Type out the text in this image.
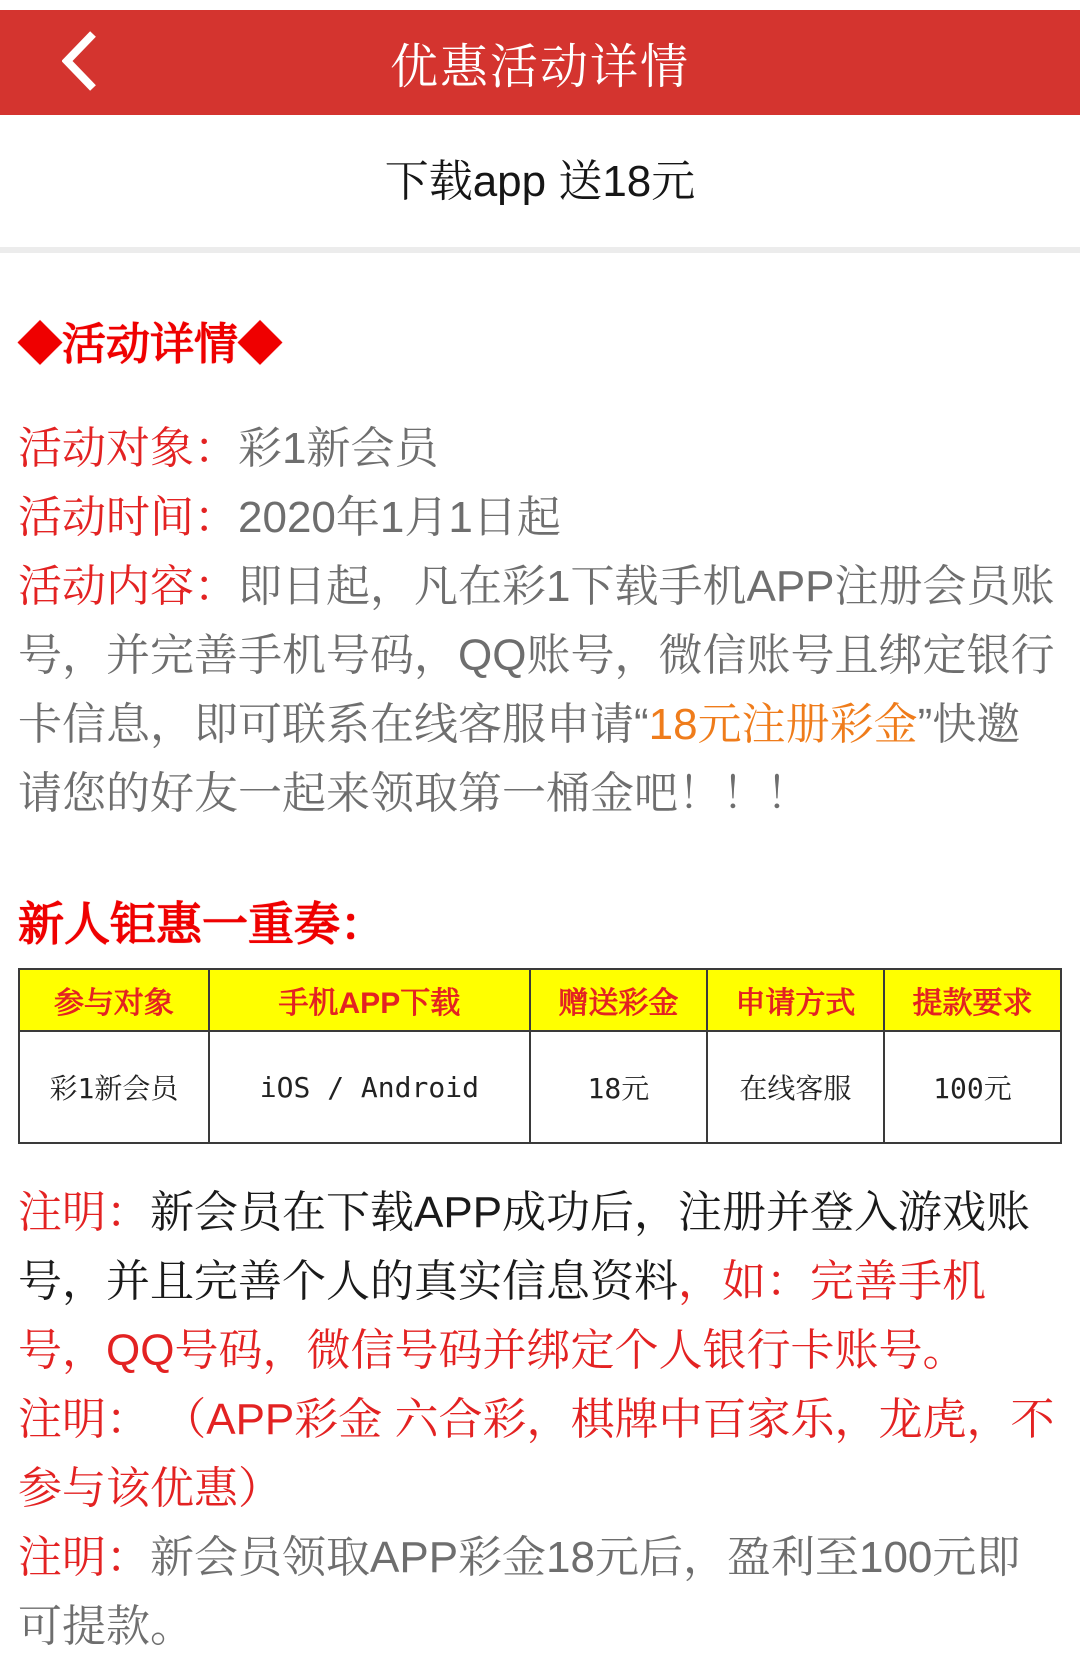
优惠活动详情
下载app 送18元
◆活动详情◆
活动对象：彩1新会员
活动时间：2020年1月1日起
活动内容：即日起，凡在彩1下载手机APP注册会员账号，并完善手机号码，QQ账号，微信账号且绑定银行卡信息，即可联系在线客服申请“18元注册彩金”快邀请您的好友一起来领取第一桶金吧！！！
新人钜惠一重奏：
参与对象	手机APP下载	赠送彩金	申请方式	提款要求
彩1新会员	iOS / Android	18元	在线客服	100元
注明：新会员在下载APP成功后，注册并登入游戏账号，并且完善个人的真实信息资料，如：完善手机号，QQ号码，微信号码并绑定个人银行卡账号。
注明： （APP彩金 六合彩，棋牌中百家乐，龙虎，不参与该优惠）
注明：新会员领取APP彩金18元后，盈利至100元即可提款。
